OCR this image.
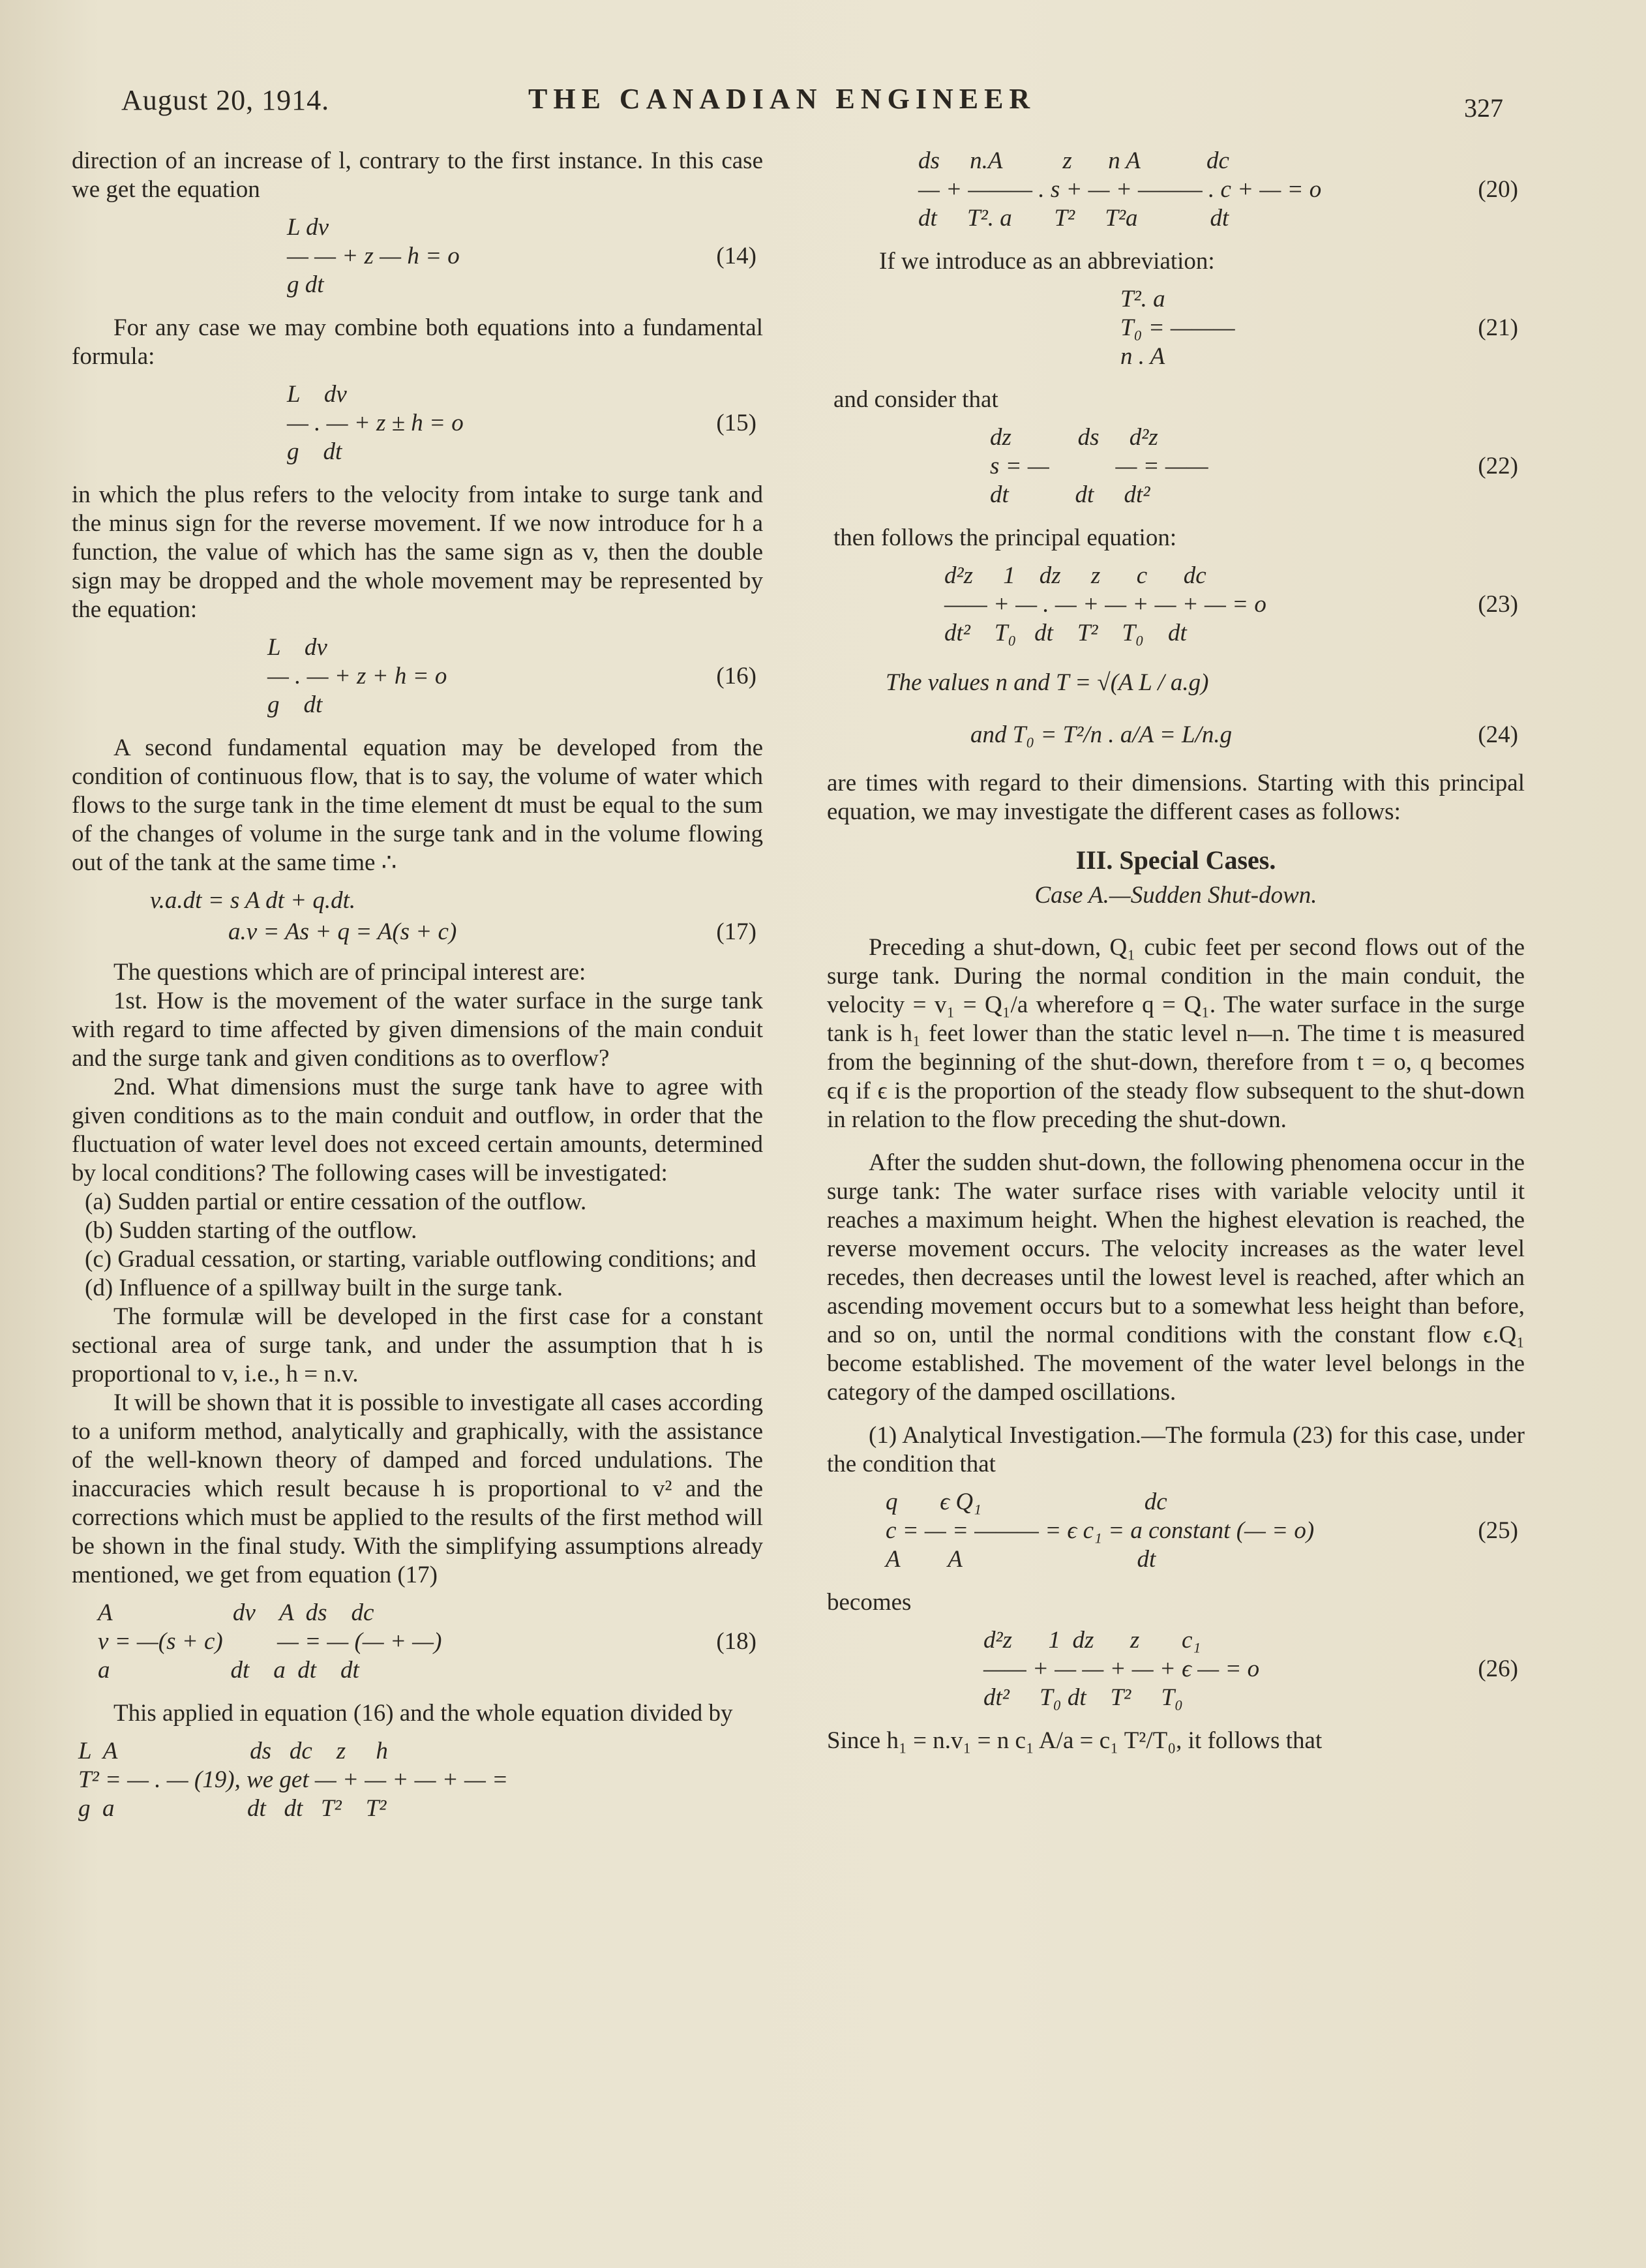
August 20, 1914.	THE CANADIAN ENGINEER	327

direction of an increase of l, contrary to the first instance. In this case we get the equation

L dv
— — + z — h = o
g dt
(14)

For any case we may combine both equations into a fundamental formula:

L    dv
— . — + z ± h = o
g    dt
(15)

in which the plus refers to the velocity from intake to surge tank and the minus sign for the reverse movement. If we now introduce for h a function, the value of which has the same sign as v, then the double sign may be dropped and the whole movement may be represented by the equation:

L    dv
— . — + z + h = o
g    dt
(16)

A second fundamental equation may be developed from the condition of continuous flow, that is to say, the volume of water which flows to the surge tank in the time element dt must be equal to the sum of the changes of volume in the surge tank and in the volume flowing out of the tank at the same time ∴

v.a.dt = s A dt + q.dt.
a.v = As + q = A(s + c)	(17)

The questions which are of principal interest are:

1st. How is the movement of the water surface in the surge tank with regard to time affected by given dimensions of the main conduit and the surge tank and given conditions as to overflow?

2nd. What dimensions must the surge tank have to agree with given conditions as to the main conduit and outflow, in order that the fluctuation of water level does not exceed certain amounts, determined by local conditions? The following cases will be investigated:

(a) Sudden partial or entire cessation of the outflow.

(b) Sudden starting of the outflow.

(c) Gradual cessation, or starting, variable outflowing conditions; and

(d) Influence of a spillway built in the surge tank.

The formulæ will be developed in the first case for a constant sectional area of surge tank, and under the assumption that h is proportional to v, i.e., h = n.v.

It will be shown that it is possible to investigate all cases according to a uniform method, analytically and graphically, with the assistance of the well-known theory of damped and forced undulations. The inaccuracies which result because h is proportional to v² and the corrections which must be applied to the results of the first method will be shown in the final study. With the simplifying assumptions already mentioned, we get from equation (17)

A                    dv    A  ds    dc
v = —(s + c)         — = — (— + —)
a                    dt    a  dt    dt
(18)

This applied in equation (16) and the whole equation divided by

L  A                      ds   dc    z     h
T² = — . — (19), we get — + — + — + — =
g  a                      dt   dt   T²    T²
ds     n.A          z      n A           dc
— + ——— . s + — + ——— . c + — = o
dt     T². a       T²     T²a            dt
(20)

If we introduce as an abbreviation:

T². a
T₀ = ———
n . A
(21)

and consider that

dz           ds     d²z
s = —           — = ——
dt           dt     dt²
(22)

then follows the principal equation:

d²z     1    dz     z      c      dc
—— + — . — + — + — + — = o
dt²    T₀   dt    T²    T₀    dt
(23)
The values n and T = √(A L / a.g)
and T₀ = T²/n . a/A = L/n.g	(24)

are times with regard to their dimensions. Starting with this principal equation, we may investigate the different cases as follows:

III. Special Cases.
Case A.—Sudden Shut-down.

Preceding a shut-down, Q₁ cubic feet per second flows out of the surge tank. During the normal condition in the main conduit, the velocity = v₁ = Q₁/a wherefore q = Q₁. The water surface in the surge tank is h₁ feet lower than the static level n—n. The time t is measured from the beginning of the shut-down, therefore from t = o, q becomes ϵq if ϵ is the proportion of the steady flow subsequent to the shut-down in relation to the flow preceding the shut-down.

After the sudden shut-down, the following phenomena occur in the surge tank: The water surface rises with variable velocity until it reaches a maximum height. When the highest elevation is reached, the reverse movement occurs. The velocity increases as the water level recedes, then decreases until the lowest level is reached, after which an ascending movement occurs but to a somewhat less height than before, and so on, until the normal conditions with the constant flow ϵ.Q₁ become established. The movement of the water level belongs in the category of the damped oscillations.

(1) Analytical Investigation.—The formula (23) for this case, under the condition that

q       ϵ Q₁                           dc
c = — = ——— = ϵ c₁ = a constant (— = o)
A        A                             dt
(25)

becomes

d²z      1  dz      z       c₁
—— + — — + — + ϵ — = o
dt²     T₀ dt    T²     T₀
(26)

Since h₁ = n.v₁ = n c₁ A/a = c₁ T²/T₀, it follows that
